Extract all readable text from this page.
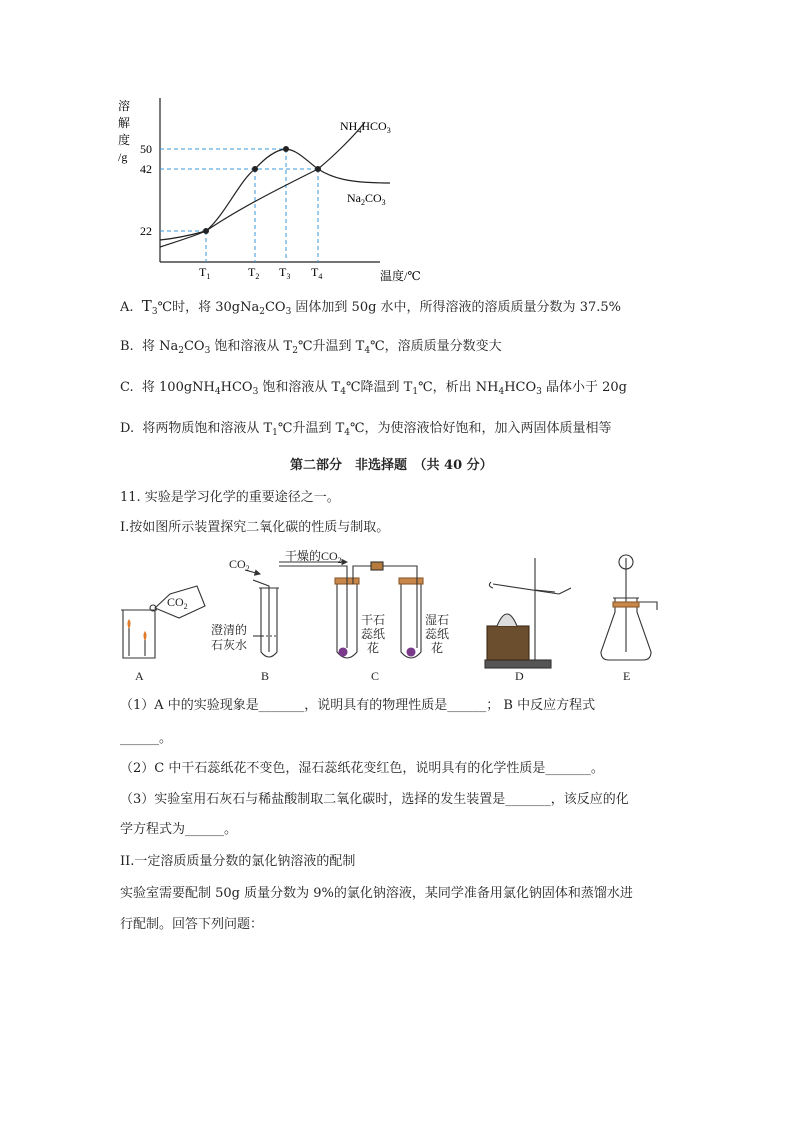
溶
解
度
/g
50
42
22
$T_1$	$T_2$ $T_3$ $T_4$	温度/℃
$NH_4HCO_3$
$Na_2CO_3$
A. $T_3℃$时，将 $30gNa_2CO_3$ 固体加到 50g 水中，所得溶液的溶质质量分数为 37.5%
B. 将 $Na_2CO_3$ 饱和溶液从 $T_2℃$升温到 $T_4℃$，溶质质量分数变大
C. 将 $100gNH_4HCO_3$ 饱和溶液从 $T_4℃$降温到 $T_1℃$，析出 $NH_4HCO_3$ 晶体小于 20g
D. 将两物质饱和溶液从 $T_1℃$升温到 $T_4℃$，为使溶液恰好饱和，加入两固体质量相等
第二部分　非选择题　（共 40 分）
11. 实验是学习化学的重要途径之一。
Ⅰ.按如图所示装置探究二氧化碳的性质与制取。
$CO_2$
$CO_2$
干燥的$CO_2$
澄清的
石灰水
干石
蕊纸
花
湿石
蕊纸
花
A	B	C	D	E
（1）A 中的实验现象是_______，说明具有的物理性质是______； B 中反应方程式
______。
（2）C 中干石蕊纸花不变色，湿石蕊纸花变红色，说明具有的化学性质是_______。
（3）实验室用石灰石与稀盐酸制取二氧化碳时，选择的发生装置是_______，该反应的化
学方程式为______。
II.一定溶质质量分数的氯化钠溶液的配制
实验室需要配制 50g 质量分数为 9%的氯化钠溶液，某同学准备用氯化钠固体和蒸馏水进
行配制。回答下列问题：
